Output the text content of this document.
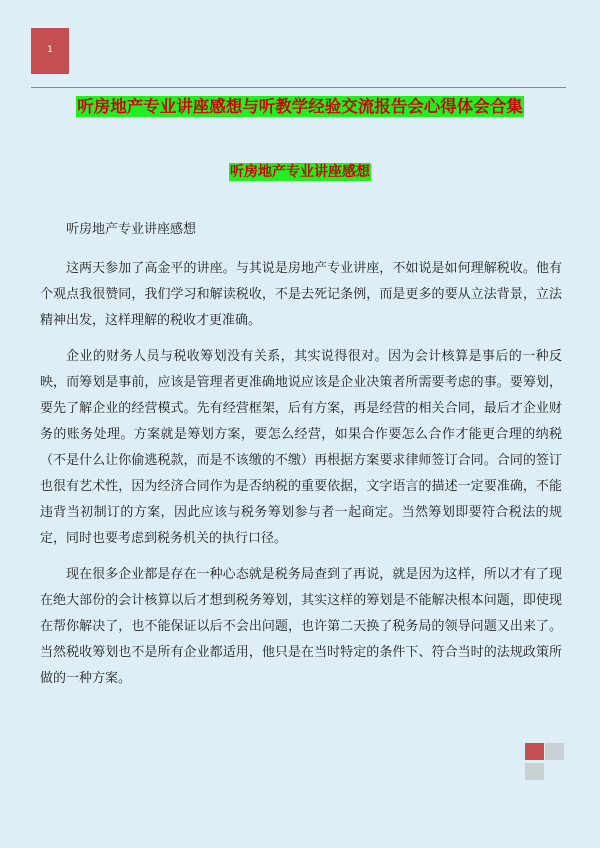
1
听房地产专业讲座感想与听教学经验交流报告会心得体会合集
听房地产专业讲座感想

听房地产专业讲座感想

这两天参加了高金平的讲座。与其说是房地产专业讲座，不如说是如何理解税收。他有个观点我很赞同，我们学习和解读税收，不是去死记条例，而是更多的要从立法背景，立法精神出发，这样理解的税收才更准确。

企业的财务人员与税收筹划没有关系，其实说得很对。因为会计核算是事后的一种反映，而筹划是事前，应该是管理者更准确地说应该是企业决策者所需要考虑的事。要筹划，要先了解企业的经营模式。先有经营框架，后有方案，再是经营的相关合同，最后才企业财务的账务处理。方案就是筹划方案，要怎么经营，如果合作要怎么合作才能更合理的纳税（不是什么让你偷逃税款，而是不该缴的不缴）再根据方案要求律师签订合同。合同的签订也很有艺术性，因为经济合同作为是否纳税的重要依据，文字语言的描述一定要准确，不能违背当初制订的方案，因此应该与税务筹划参与者一起商定。当然筹划即要符合税法的规定，同时也要考虑到税务机关的执行口径。

现在很多企业都是存在一种心态就是税务局查到了再说，就是因为这样，所以才有了现在绝大部份的会计核算以后才想到税务筹划，其实这样的筹划是不能解决根本问题，即使现在帮你解决了，也不能保证以后不会出问题，也许第二天换了税务局的领导问题又出来了。当然税收筹划也不是所有企业都适用，他只是在当时特定的条件下、符合当时的法规政策所做的一种方案。
